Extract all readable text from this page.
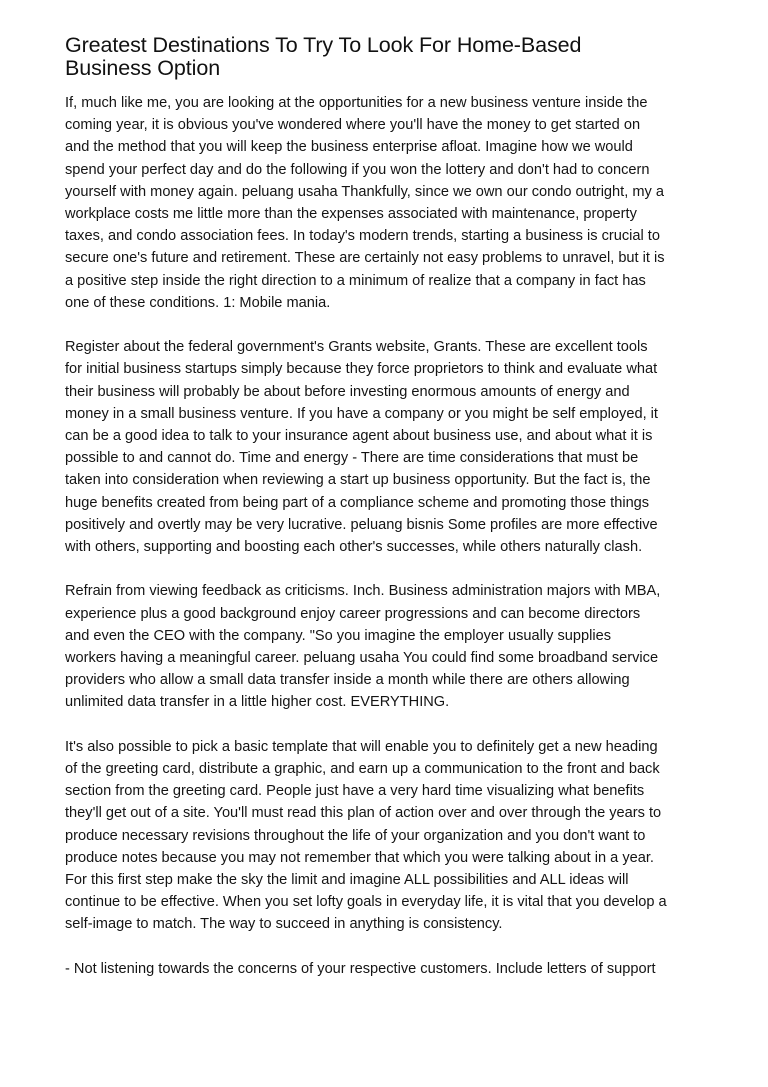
Greatest Destinations To Try To Look For Home-Based
Business Option

If, much like me, you are looking at the opportunities for a new business venture inside the
coming year, it is obvious you've wondered where you'll have the money to get started on
and the method that you will keep the business enterprise afloat. Imagine how we would
spend your perfect day and do the following if you won the lottery and don't had to concern
yourself with money again. peluang usaha Thankfully, since we own our condo outright, my a
workplace costs me little more than the expenses associated with maintenance, property
taxes, and condo association fees. In today's modern trends, starting a business is crucial to
secure one's future and retirement. These are certainly not easy problems to unravel, but it is
a positive step inside the right direction to a minimum of realize that a company in fact has
one of these conditions. 1: Mobile mania.

Register about the federal government's Grants website, Grants. These are excellent tools
for initial business startups simply because they force proprietors to think and evaluate what
their business will probably be about before investing enormous amounts of energy and
money in a small business venture. If you have a company or you might be self employed, it
can be a good idea to talk to your insurance agent about business use, and about what it is
possible to and cannot do. Time and energy - There are time considerations that must be
taken into consideration when reviewing a start up business opportunity. But the fact is, the
huge benefits created from being part of a compliance scheme and promoting those things
positively and overtly may be very lucrative. peluang bisnis Some profiles are more effective
with others, supporting and boosting each other's successes, while others naturally clash.

Refrain from viewing feedback as criticisms. Inch. Business administration majors with MBA,
experience plus a good background enjoy career progressions and can become directors
and even the CEO with the company. "So you imagine the employer usually supplies
workers having a meaningful career. peluang usaha You could find some broadband service
providers who allow a small data transfer inside a month while there are others allowing
unlimited data transfer in a little higher cost. EVERYTHING.

It's also possible to pick a basic template that will enable you to definitely get a new heading
of the greeting card, distribute a graphic, and earn up a communication to the front and back
section from the greeting card. People just have a very hard time visualizing what benefits
they'll get out of a site. You'll must read this plan of action over and over through the years to
produce necessary revisions throughout the life of your organization and you don't want to
produce notes because you may not remember that which you were talking about in a year.
For this first step make the sky the limit and imagine ALL possibilities and ALL ideas will
continue to be effective. When you set lofty goals in everyday life, it is vital that you develop a
self-image to match. The way to succeed in anything is consistency.

- Not listening towards the concerns of your respective customers. Include letters of support
